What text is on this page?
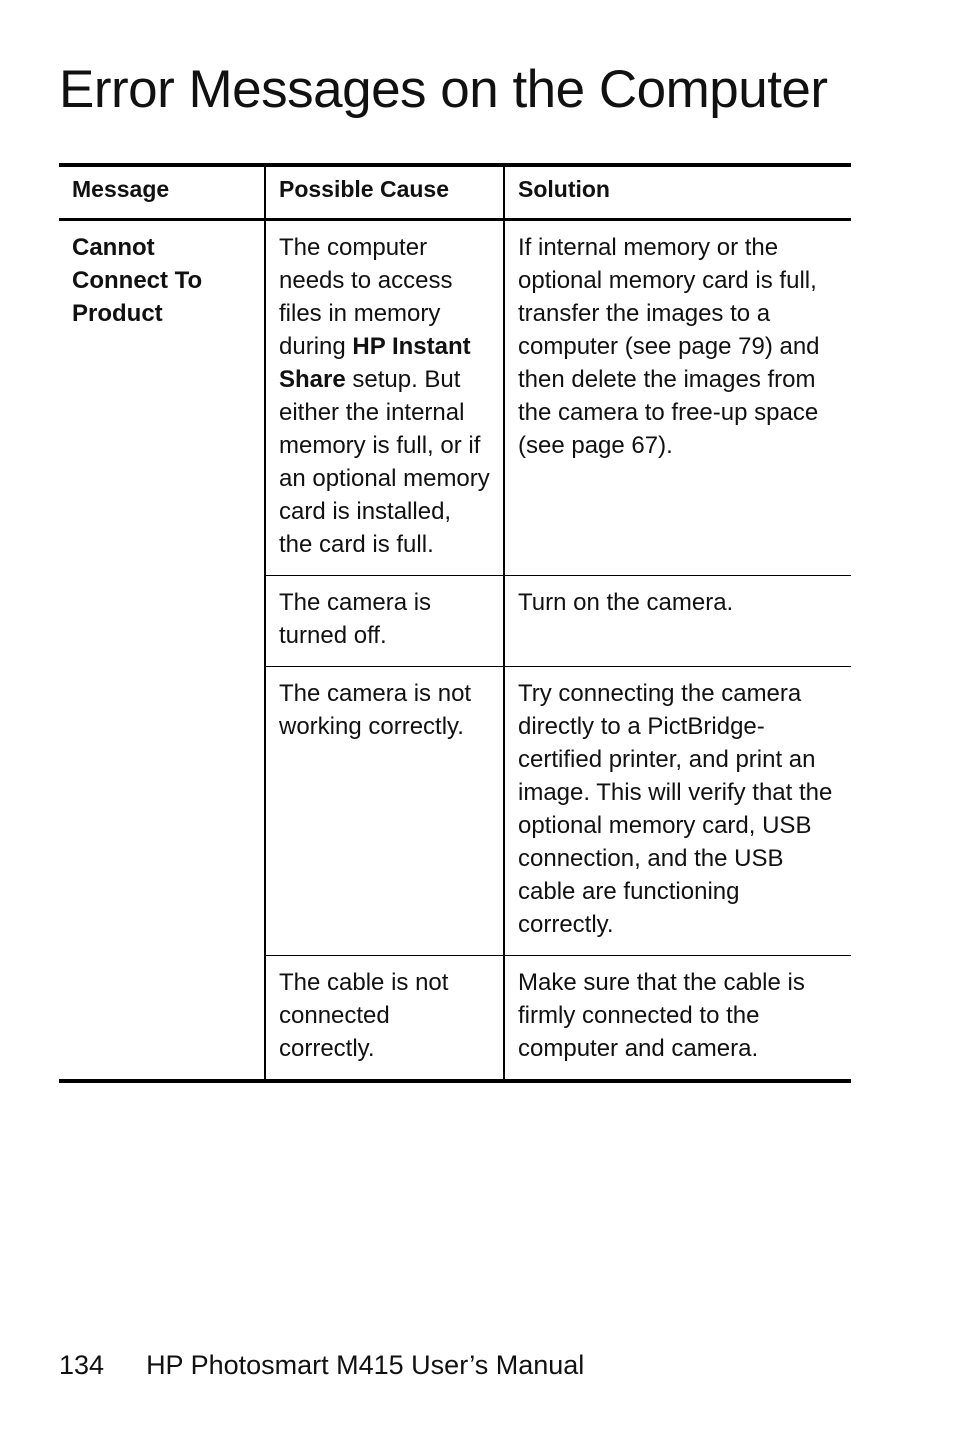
Error Messages on the Computer
Message	Possible Cause	Solution
Cannot Connect To Product	The computer needs to access files in memory during HP Instant Share setup. But either the internal memory is full, or if an optional memory card is installed, the card is full.	If internal memory or the optional memory card is full, transfer the images to a computer (see page 79) and then delete the images from the camera to free-up space (see page 67).
	The camera is turned off.	Turn on the camera.
	The camera is not working correctly.	Try connecting the camera directly to a PictBridge-certified printer, and print an image. This will verify that the optional memory card, USB connection, and the USB cable are functioning correctly.
	The cable is not connected correctly.	Make sure that the cable is firmly connected to the computer and camera.
134 HP Photosmart M415 User’s Manual
